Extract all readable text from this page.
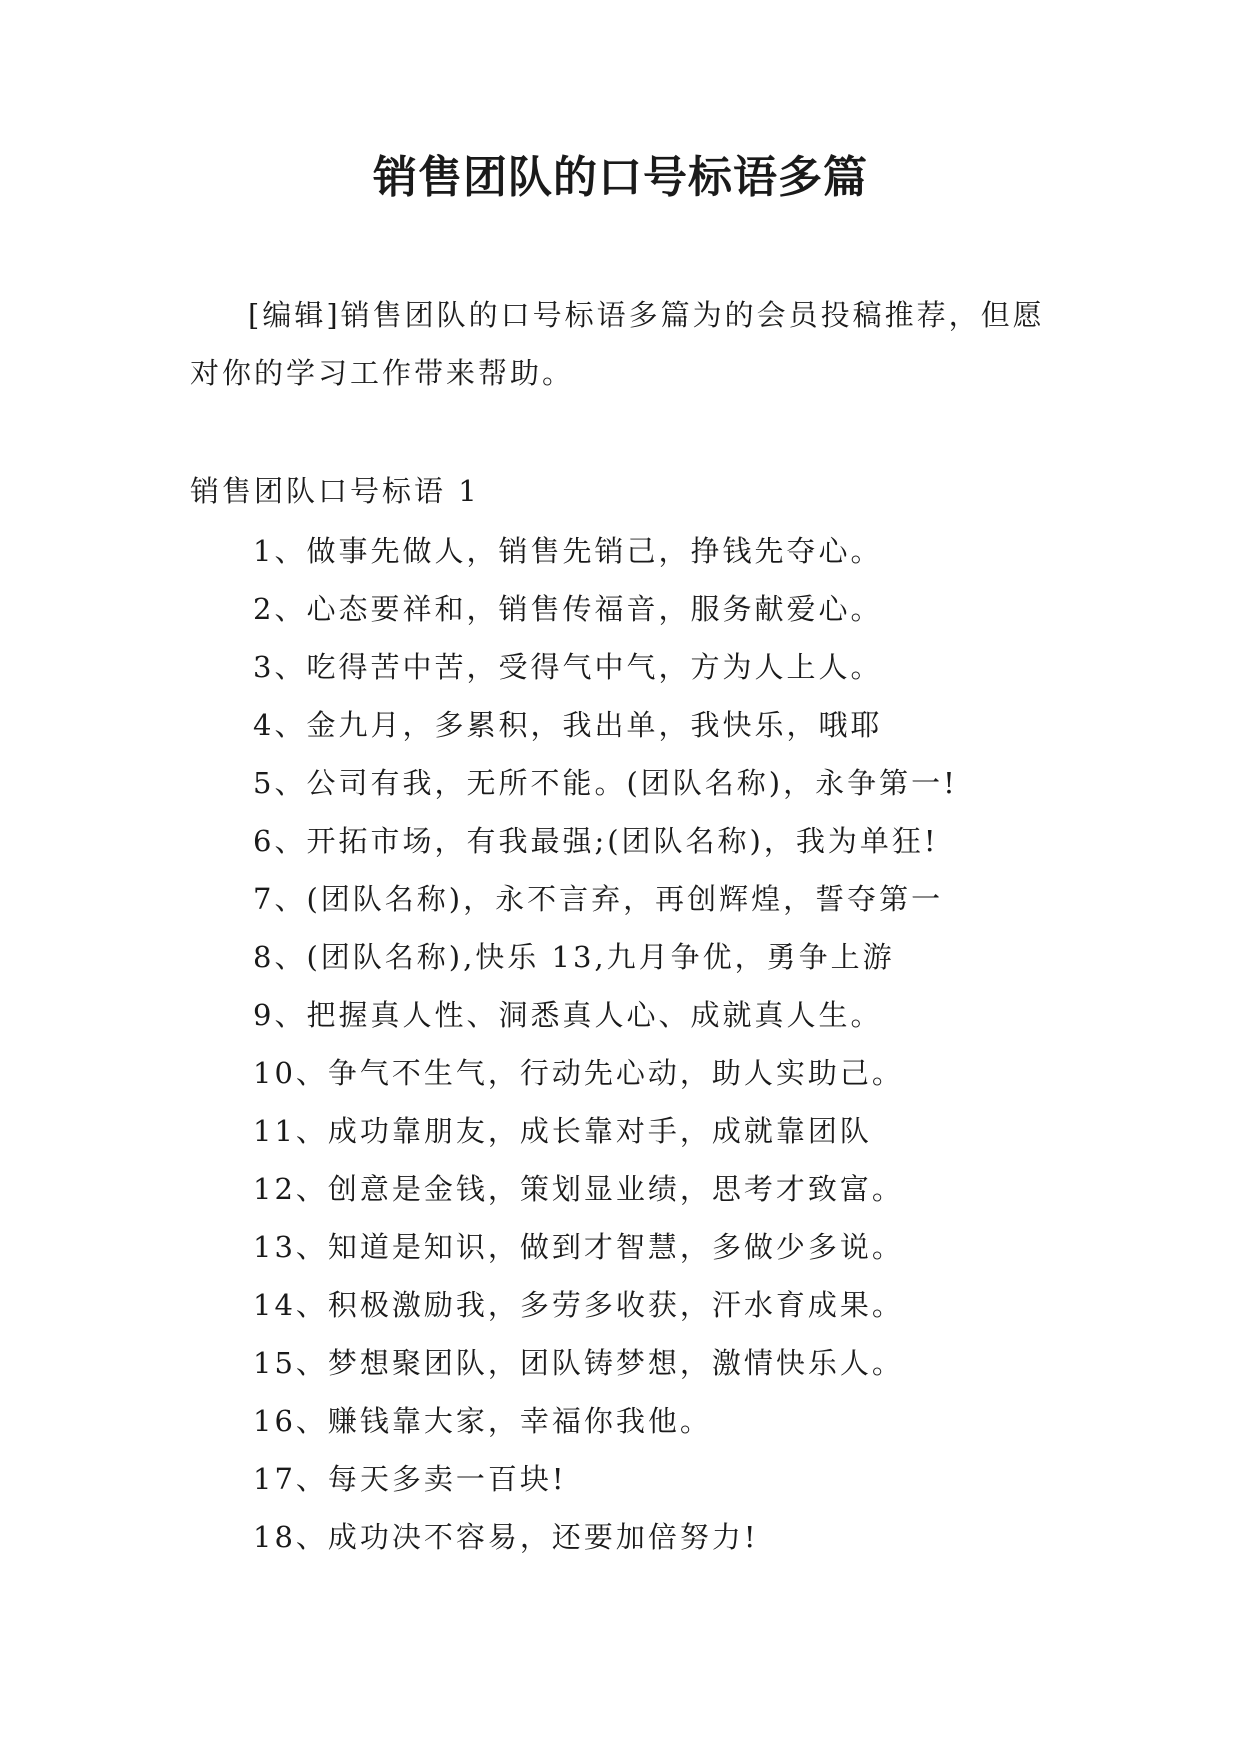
销售团队的口号标语多篇
[编辑]销售团队的口号标语多篇为的会员投稿推荐，但愿对你的学习工作带来帮助。
销售团队口号标语 1
1、做事先做人，销售先销己，挣钱先夺心。
2、心态要祥和，销售传福音，服务献爱心。
3、吃得苦中苦，受得气中气，方为人上人。
4、金九月，多累积，我出单，我快乐，哦耶
5、公司有我，无所不能。(团队名称)，永争第一!
6、开拓市场，有我最强;(团队名称)，我为单狂!
7、(团队名称)，永不言弃，再创辉煌，誓夺第一
8、(团队名称),快乐 13,九月争优，勇争上游
9、把握真人性、洞悉真人心、成就真人生。
10、争气不生气，行动先心动，助人实助己。
11、成功靠朋友，成长靠对手，成就靠团队
12、创意是金钱，策划显业绩，思考才致富。
13、知道是知识，做到才智慧，多做少多说。
14、积极激励我，多劳多收获，汗水育成果。
15、梦想聚团队，团队铸梦想，激情快乐人。
16、赚钱靠大家，幸福你我他。
17、每天多卖一百块!
18、成功决不容易，还要加倍努力!
